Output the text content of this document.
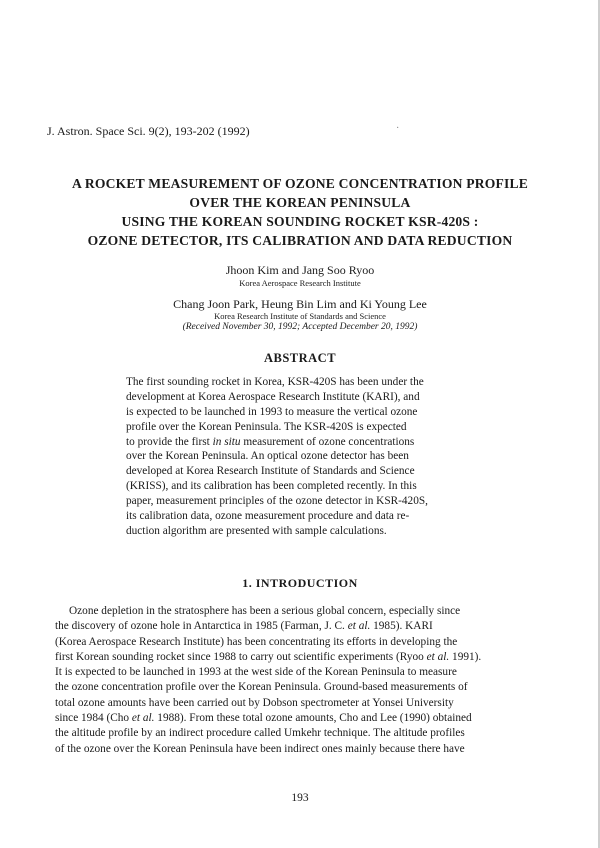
J. Astron. Space Sci. 9(2), 193-202 (1992)	·
A ROCKET MEASUREMENT OF OZONE CONCENTRATION PROFILE
OVER THE KOREAN PENINSULA
USING THE KOREAN SOUNDING ROCKET KSR-420S :
OZONE DETECTOR, ITS CALIBRATION AND DATA REDUCTION
Jhoon Kim and Jang Soo Ryoo
Korea Aerospace Research Institute
Chang Joon Park, Heung Bin Lim and Ki Young Lee
Korea Research Institute of Standards and Science
(Received November 30, 1992; Accepted December 20, 1992)
ABSTRACT
The first sounding rocket in Korea, KSR-420S has been under the
development at Korea Aerospace Research Institute (KARI), and
is expected to be launched in 1993 to measure the vertical ozone
profile over the Korean Peninsula. The KSR-420S is expected
to provide the first in situ measurement of ozone concentrations
over the Korean Peninsula. An optical ozone detector has been
developed at Korea Research Institute of Standards and Science
(KRISS), and its calibration has been completed recently. In this
paper, measurement principles of the ozone detector in KSR-420S,
its calibration data, ozone measurement procedure and data re-
duction algorithm are presented with sample calculations.
1. INTRODUCTION
Ozone depletion in the stratosphere has been a serious global concern, especially since
the discovery of ozone hole in Antarctica in 1985 (Farman, J. C. et al. 1985). KARI
(Korea Aerospace Research Institute) has been concentrating its efforts in developing the
first Korean sounding rocket since 1988 to carry out scientific experiments (Ryoo et al. 1991).
It is expected to be launched in 1993 at the west side of the Korean Peninsula to measure
the ozone concentration profile over the Korean Peninsula. Ground-based measurements of
total ozone amounts have been carried out by Dobson spectrometer at Yonsei University
since 1984 (Cho et al. 1988). From these total ozone amounts, Cho and Lee (1990) obtained
the altitude profile by an indirect procedure called Umkehr technique. The altitude profiles
of the ozone over the Korean Peninsula have been indirect ones mainly because there have
193
